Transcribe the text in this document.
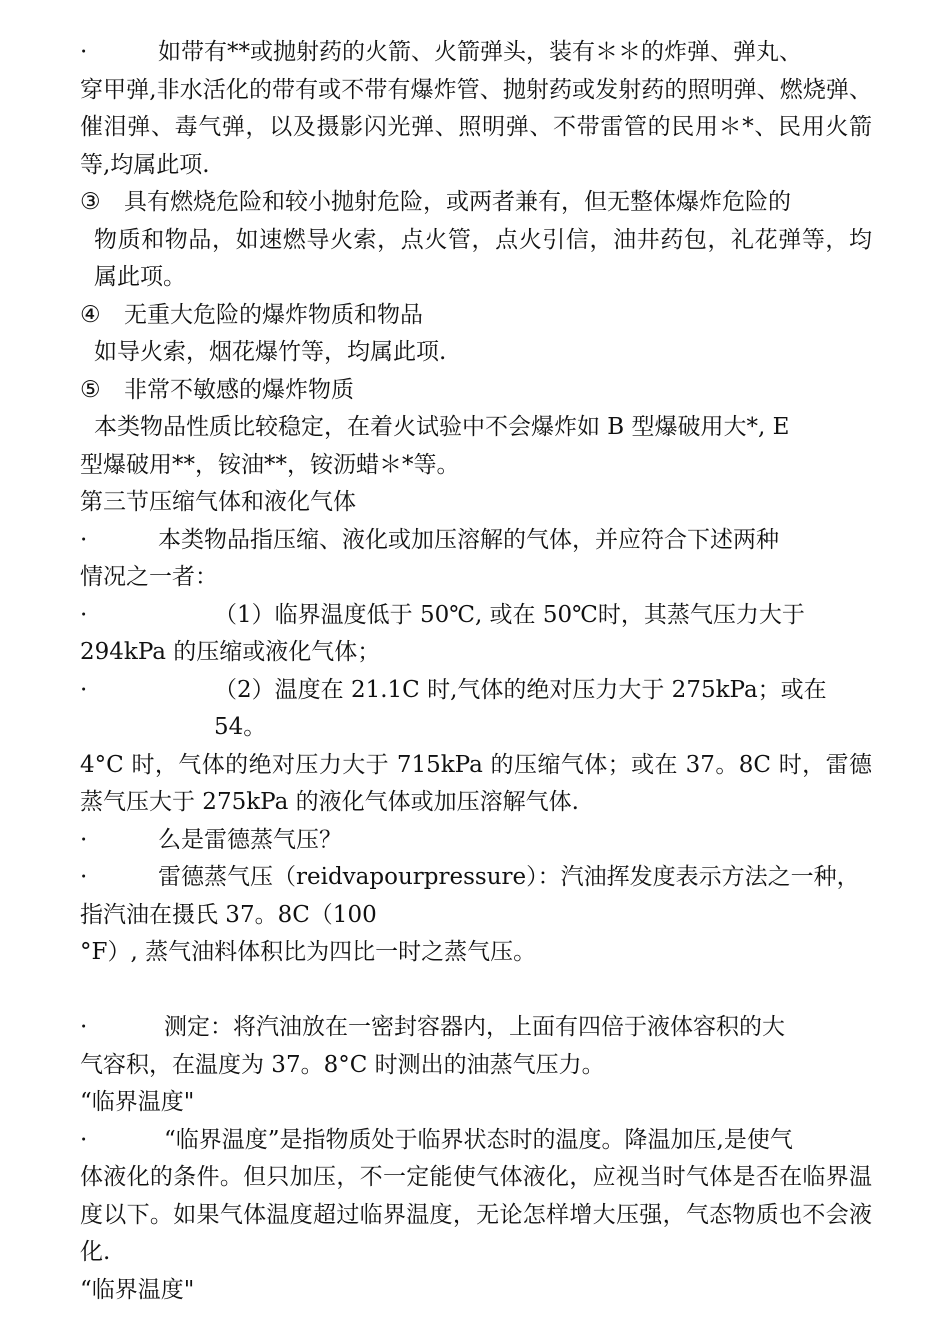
·	如带有**或抛射药的火箭、火箭弹头，装有＊＊的炸弹、弹丸、

穿甲弹,非水活化的带有或不带有爆炸管、抛射药或发射药的照明弹、燃烧弹、催泪弹、毒气弹，以及摄影闪光弹、照明弹、不带雷管的民用＊*、民用火箭等,均属此项.

③	具有燃烧危险和较小抛射危险，或两者兼有，但无整体爆炸危险的

物质和物品，如速燃导火索，点火管，点火引信，油井药包，礼花弹等，均属此项。

④	无重大危险的爆炸物质和物品

如导火索，烟花爆竹等，均属此项.

⑤	非常不敏感的爆炸物质

本类物品性质比较稳定，在着火试验中不会爆炸如 B 型爆破用大*, E

型爆破用**，铵油**，铵沥蜡＊*等。

第三节压缩气体和液化气体

·	本类物品指压缩、液化或加压溶解的气体，并应符合下述两种

情况之一者：

·	（1）临界温度低于 50℃, 或在 50℃时，其蒸气压力大于

294kPa 的压缩或液化气体；

·	（2）温度在 21.1C 时,气体的绝对压力大于 275kPa；或在 54。

4°C 时，气体的绝对压力大于 715kPa 的压缩气体；或在 37。8C 时，雷德蒸气压大于 275kPa 的液化气体或加压溶解气体.

·	么是雷德蒸气压？
·	雷德蒸气压（reidvapourpressure）：汽油挥发度表示方法之一种，

指汽油在摄氏 37。8C（100

°F）, 蒸气油料体积比为四比一时之蒸气压。

·	测定：将汽油放在一密封容器内，上面有四倍于液体容积的大

气容积，在温度为 37。8°C 时测出的油蒸气压力。

“临界温度"

·	“临界温度”是指物质处于临界状态时的温度。降温加压,是使气

体液化的条件。但只加压，不一定能使气体液化，应视当时气体是否在临界温度以下。如果气体温度超过临界温度，无论怎样增大压强，气态物质也不会液化.

“临界温度"
